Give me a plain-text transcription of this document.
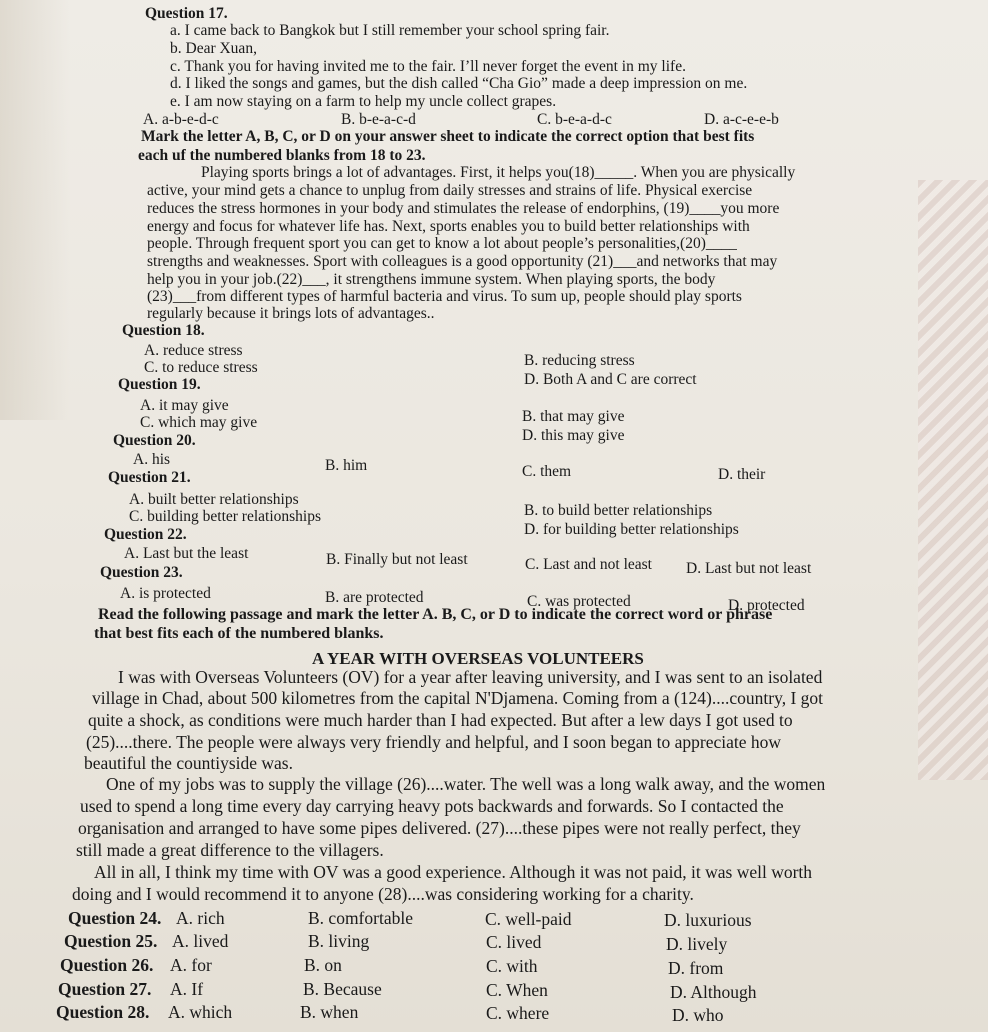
Question 17.
a. I came back to Bangkok but I still remember your school spring fair.
b. Dear Xuan,
c. Thank you for having invited me to the fair. I’ll never forget the event in my life.
d. I liked the songs and games, but the dish called “Cha Gio” made a deep impression on me.
e. I am now staying on a farm to help my uncle collect grapes.
A. a-b-e-d-c	B. b-e-a-c-d	C. b-e-a-d-c	D. a-c-e-e-b
Mark the letter A, B, C, or D on your answer sheet to indicate the correct option that best fits
each uf the numbered blanks from 18 to 23.
Playing sports brings a lot of advantages. First, it helps you(18)_____. When you are physically
active, your mind gets a chance to unplug from daily stresses and strains of life. Physical exercise
reduces the stress hormones in your body and stimulates the release of endorphins, (19)____you more
energy and focus for whatever life has. Next, sports enables you to build better relationships with
people. Through frequent sport you can get to know a lot about people’s personalities,(20)____
strengths and weaknesses. Sport with colleagues is a good opportunity (21)___and networks that may
help you in your job.(22)___, it strengthens immune system. When playing sports, the body
(23)___from different types of harmful bacteria and virus. To sum up, people should play sports
regularly because it brings lots of advantages..
Question 18.
A. reduce stress
B. reducing stress
C. to reduce stress
D. Both A and C are correct
Question 19.
A. it may give
B. that may give
C. which may give
D. this may give
Question 20.
A. his	B. him	C. them	D. their
Question 21.
A. built better relationships
B. to build better relationships
C. building better relationships
D. for building better relationships
Question 22.
A. Last but the least	B. Finally but not least	C. Last and not least D. Last but not least
Question 23.
A. is protected	B. are protected	C. was protected	D. protected
Read the following passage and mark the letter A. B, C, or D to indicate the correct word or phrase
that best fits each of the numbered blanks.
A YEAR WITH OVERSEAS VOLUNTEERS
I was with Overseas Volunteers (OV) for a year after leaving university, and I was sent to an isolated
village in Chad, about 500 kilometres from the capital N'Djamena. Coming from a (124)....country, I got
quite a shock, as conditions were much harder than I had expected. But after a lew days I got used to
(25)....there. The people were always very friendly and helpful, and I soon began to appreciate how
beautiful the countiyside was.
One of my jobs was to supply the village (26)....water. The well was a long walk away, and the women
used to spend a long time every day carrying heavy pots backwards and forwards. So I contacted the
organisation and arranged to have some pipes delivered. (27)....these pipes were not really perfect, they
still made a great difference to the villagers.
All in all, I think my time with OV was a good experience. Although it was not paid, it was well worth
doing and I would recommend it to anyone (28)....was considering working for a charity.
Question 24. A. rich	B. comfortable	C. well-paid	D. luxurious
Question 25. A. lived	B. living	C. lived	D. lively
Question 26. A. for	B. on	C. with	D. from
Question 27. A. If	B. Because	C. When	D. Although
Question 28. A. which	B. when	C. where	D. who
